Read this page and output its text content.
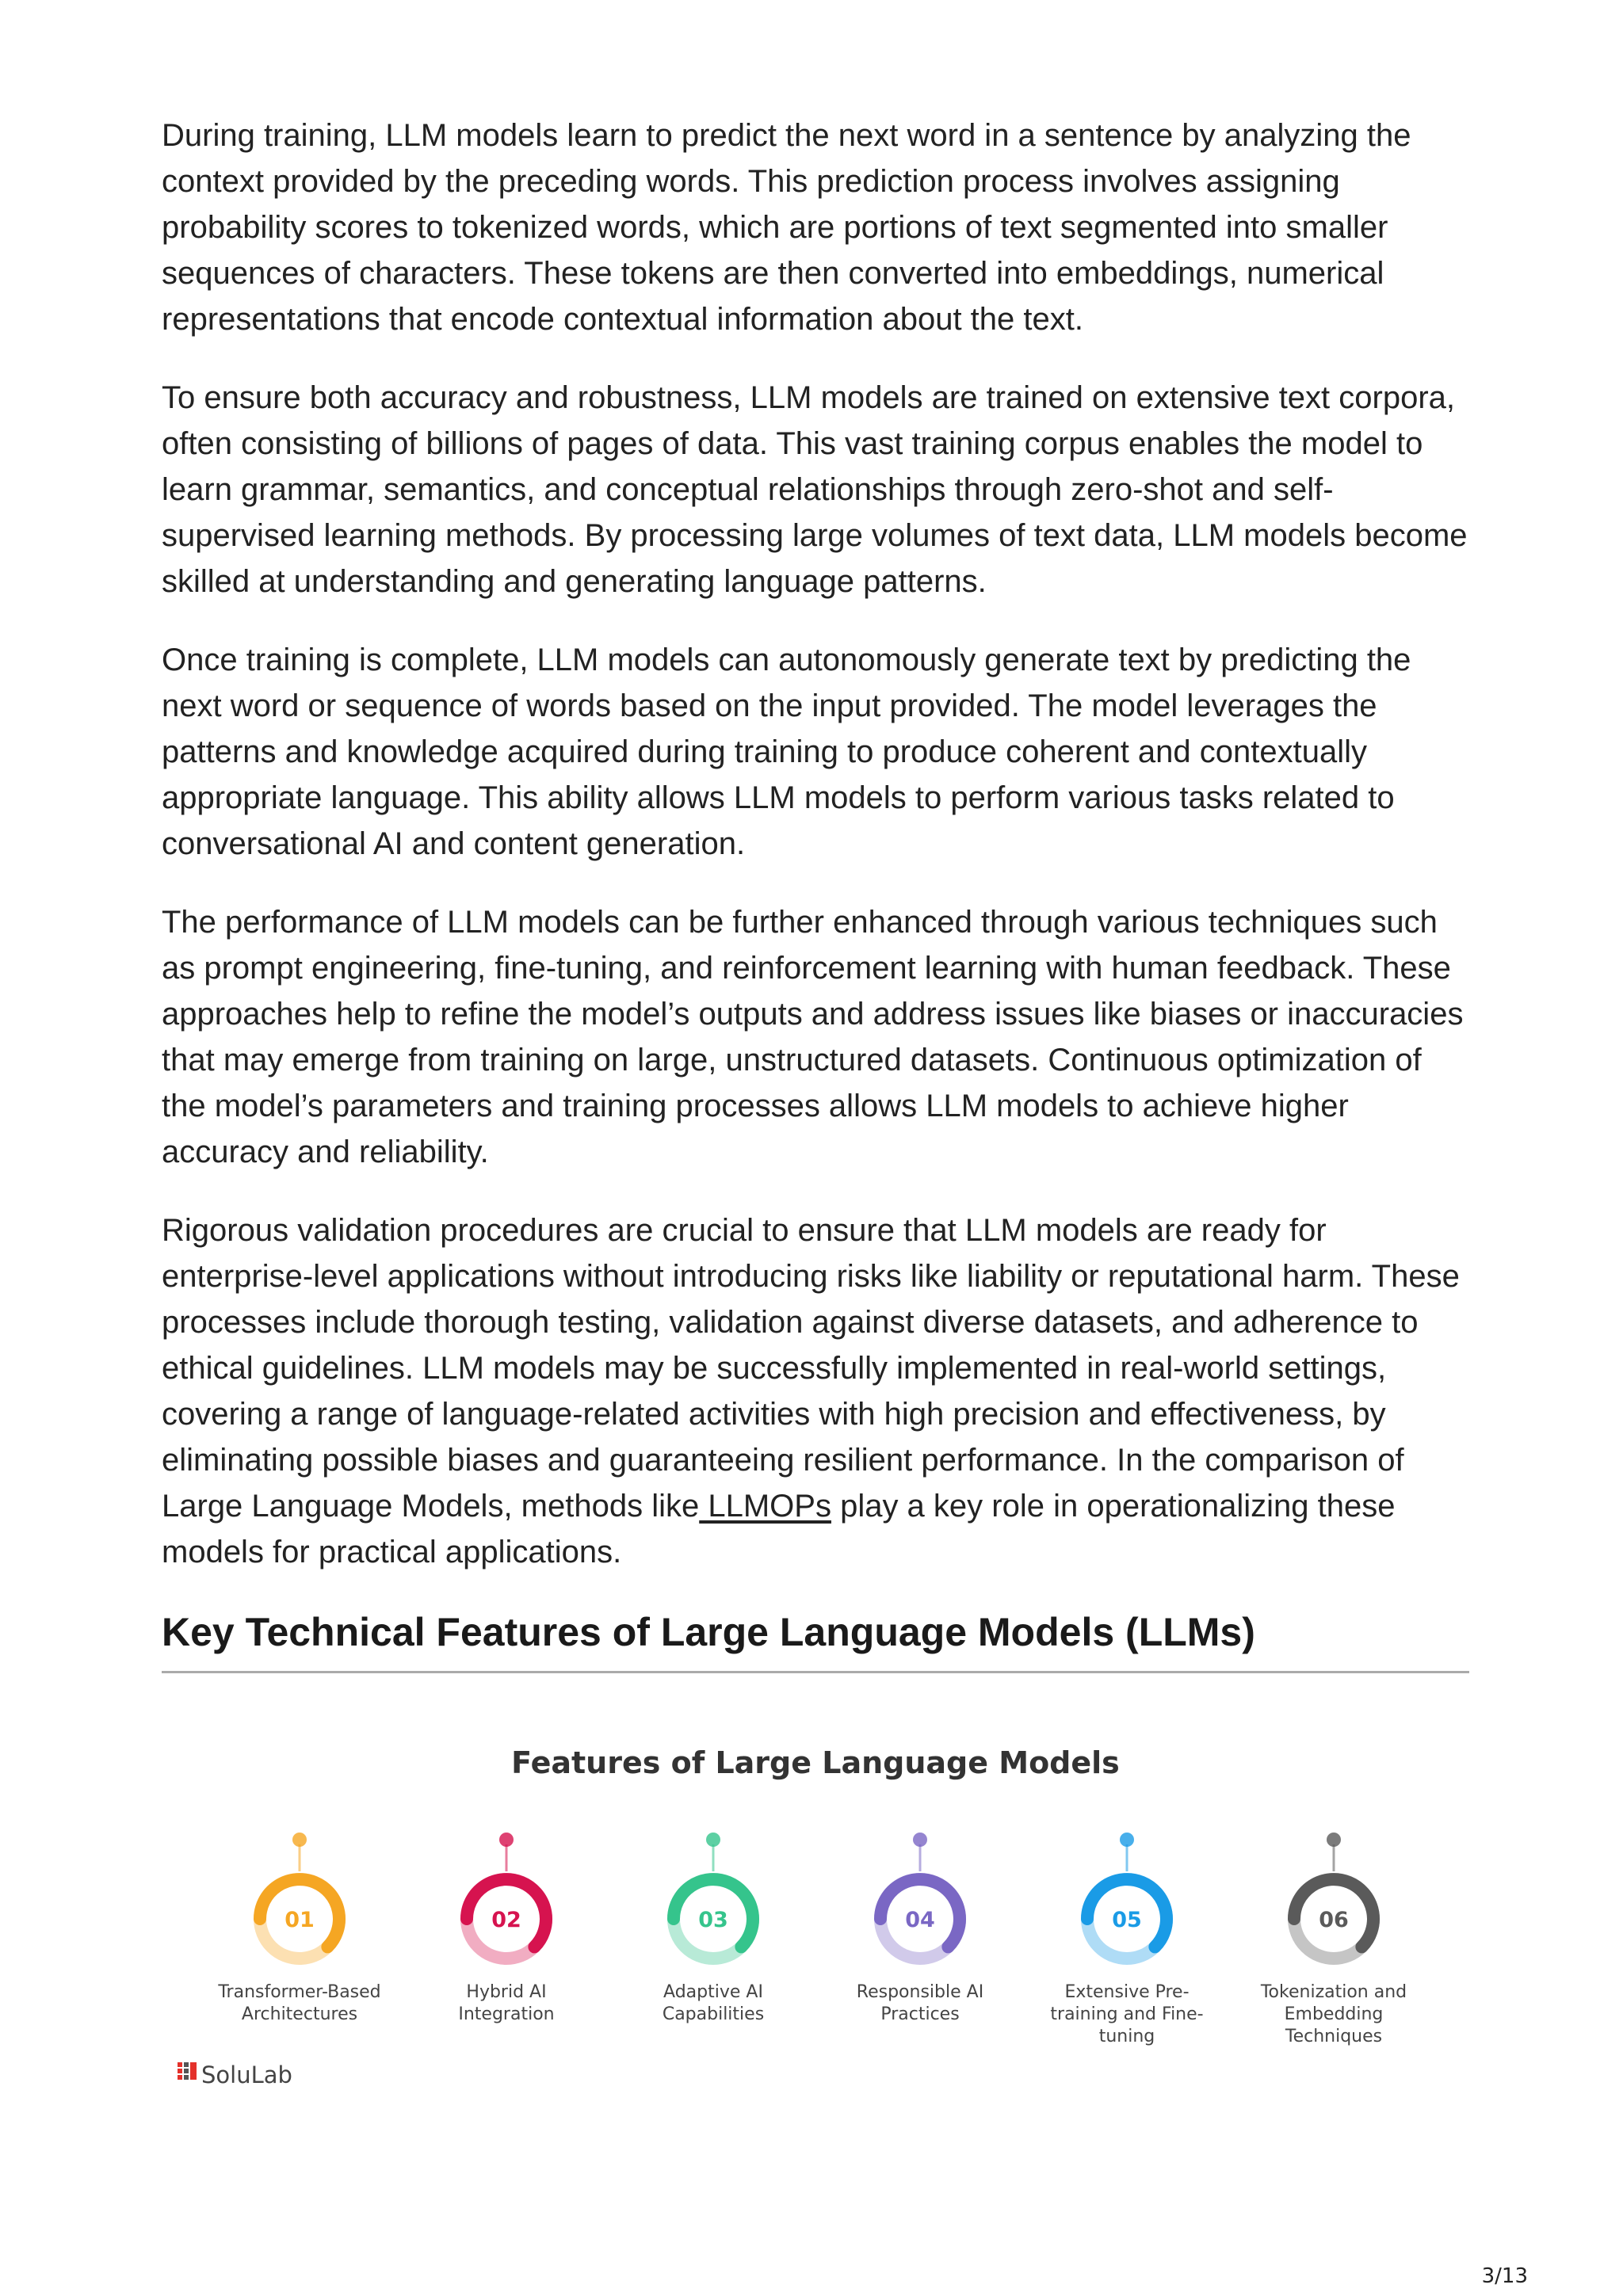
During training, LLM models learn to predict the next word in a sentence by analyzing the context provided by the preceding words. This prediction process involves assigning probability scores to tokenized words, which are portions of text segmented into smaller sequences of characters. These tokens are then converted into embeddings, numerical representations that encode contextual information about the text.

To ensure both accuracy and robustness, LLM models are trained on extensive text corpora, often consisting of billions of pages of data. This vast training corpus enables the model to learn grammar, semantics, and conceptual relationships through zero-shot and self-supervised learning methods. By processing large volumes of text data, LLM models become skilled at understanding and generating language patterns.

Once training is complete, LLM models can autonomously generate text by predicting the next word or sequence of words based on the input provided. The model leverages the patterns and knowledge acquired during training to produce coherent and contextually appropriate language. This ability allows LLM models to perform various tasks related to conversational AI and content generation.

The performance of LLM models can be further enhanced through various techniques such as prompt engineering, fine-tuning, and reinforcement learning with human feedback. These approaches help to refine the model’s outputs and address issues like biases or inaccuracies that may emerge from training on large, unstructured datasets. Continuous optimization of the model’s parameters and training processes allows LLM models to achieve higher accuracy and reliability.

Rigorous validation procedures are crucial to ensure that LLM models are ready for enterprise-level applications without introducing risks like liability or reputational harm. These processes include thorough testing, validation against diverse datasets, and adherence to ethical guidelines. LLM models may be successfully implemented in real-world settings, covering a range of language-related activities with high precision and effectiveness, by eliminating possible biases and guaranteeing resilient performance. In the comparison of Large Language Models, methods like LLMOPs play a key role in operationalizing these models for practical applications.

Key Technical Features of Large Language Models (LLMs)
Features of Large Language Models
01
Transformer-Based
Architectures
02
Hybrid AI
Integration
03
Adaptive AI
Capabilities
04
Responsible AI
Practices
05
Extensive Pre-
training and Fine-
tuning
06
Tokenization and
Embedding
Techniques
SoluLab
3/13
